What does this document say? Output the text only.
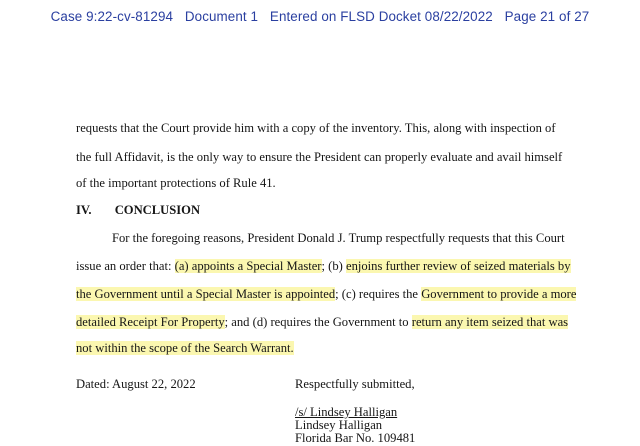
Case 9:22-cv-81294 Document 1 Entered on FLSD Docket 08/22/2022 Page 21 of 27
requests that the Court provide him with a copy of the inventory. This, along with inspection of
the full Affidavit, is the only way to ensure the President can properly evaluate and avail himself
of the important protections of Rule 41.
IV. CONCLUSION
For the foregoing reasons, President Donald J. Trump respectfully requests that this Court
issue an order that: (a) appoints a Special Master; (b) enjoins further review of seized materials by
the Government until a Special Master is appointed; (c) requires the Government to provide a more
detailed Receipt For Property; and (d) requires the Government to return any item seized that was
not within the scope of the Search Warrant.
Dated: August 22, 2022	Respectfully submitted,
/s/ Lindsey Halligan
Lindsey Halligan
Florida Bar No. 109481
